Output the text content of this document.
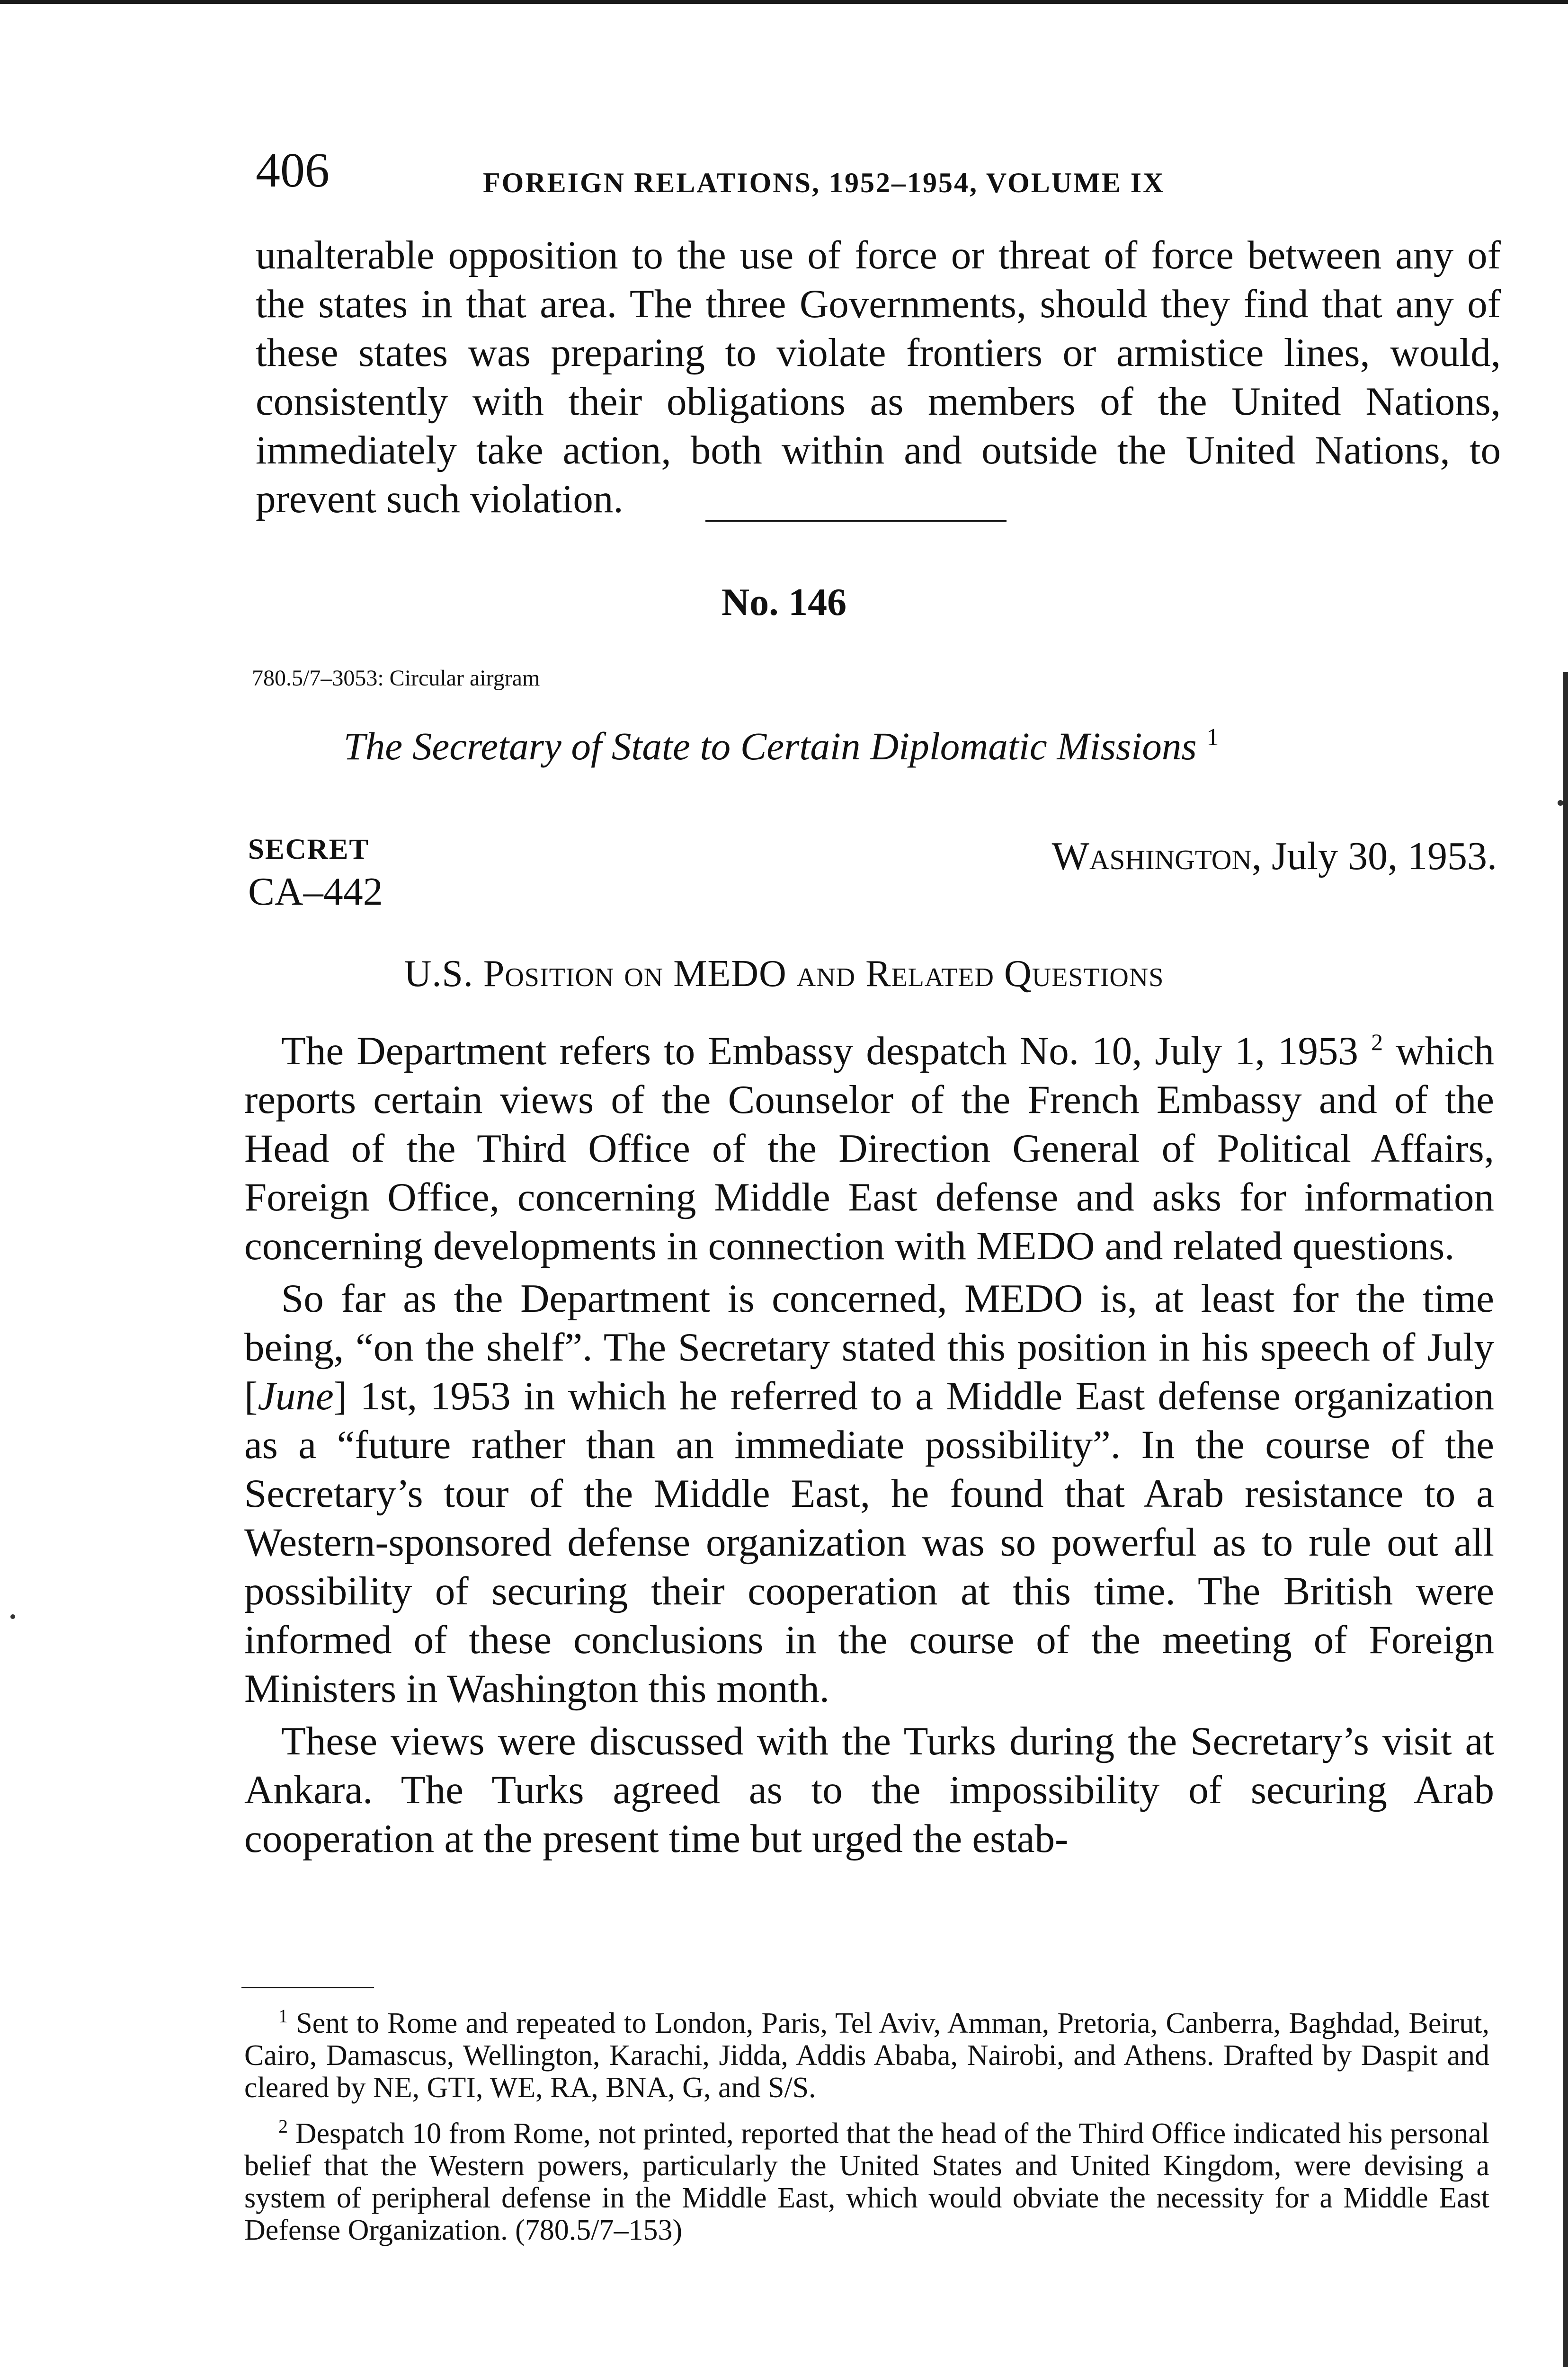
406	FOREIGN RELATIONS, 1952–1954, VOLUME IX

unalterable opposition to the use of force or threat of force between any of the states in that area. The three Governments, should they find that any of these states was preparing to violate frontiers or armistice lines, would, consistently with their obligations as members of the United Nations, immediately take action, both within and outside the United Nations, to prevent such violation.

No. 146
780.5/7–3053: Circular airgram
The Secretary of State to Certain Diplomatic Missions $^1$
SECRET
CA–442
Washington, July 30, 1953.
U.S. Position on MEDO and Related Questions

The Department refers to Embassy despatch No. 10, July 1, 1953 $^2$ which reports certain views of the Counselor of the French Embassy and of the Head of the Third Office of the Direction General of Political Affairs, Foreign Office, concerning Middle East defense and asks for information concerning developments in connection with MEDO and related questions.

So far as the Department is concerned, MEDO is, at least for the time being, “on the shelf”. The Secretary stated this position in his speech of July [June] 1st, 1953 in which he referred to a Middle East defense organization as a “future rather than an immediate possibility”. In the course of the Secretary’s tour of the Middle East, he found that Arab resistance to a Western-sponsored defense organization was so powerful as to rule out all possibility of securing their cooperation at this time. The British were informed of these conclusions in the course of the meeting of Foreign Ministers in Washington this month.

These views were discussed with the Turks during the Secretary’s visit at Ankara. The Turks agreed as to the impossibility of securing Arab cooperation at the present time but urged the estab-

$^1$ Sent to Rome and repeated to London, Paris, Tel Aviv, Amman, Pretoria, Canberra, Baghdad, Beirut, Cairo, Damascus, Wellington, Karachi, Jidda, Addis Ababa, Nairobi, and Athens. Drafted by Daspit and cleared by NE, GTI, WE, RA, BNA, G, and S/S.

$^2$ Despatch 10 from Rome, not printed, reported that the head of the Third Office indicated his personal belief that the Western powers, particularly the United States and United Kingdom, were devising a system of peripheral defense in the Middle East, which would obviate the necessity for a Middle East Defense Organization. (780.5/7–153)
